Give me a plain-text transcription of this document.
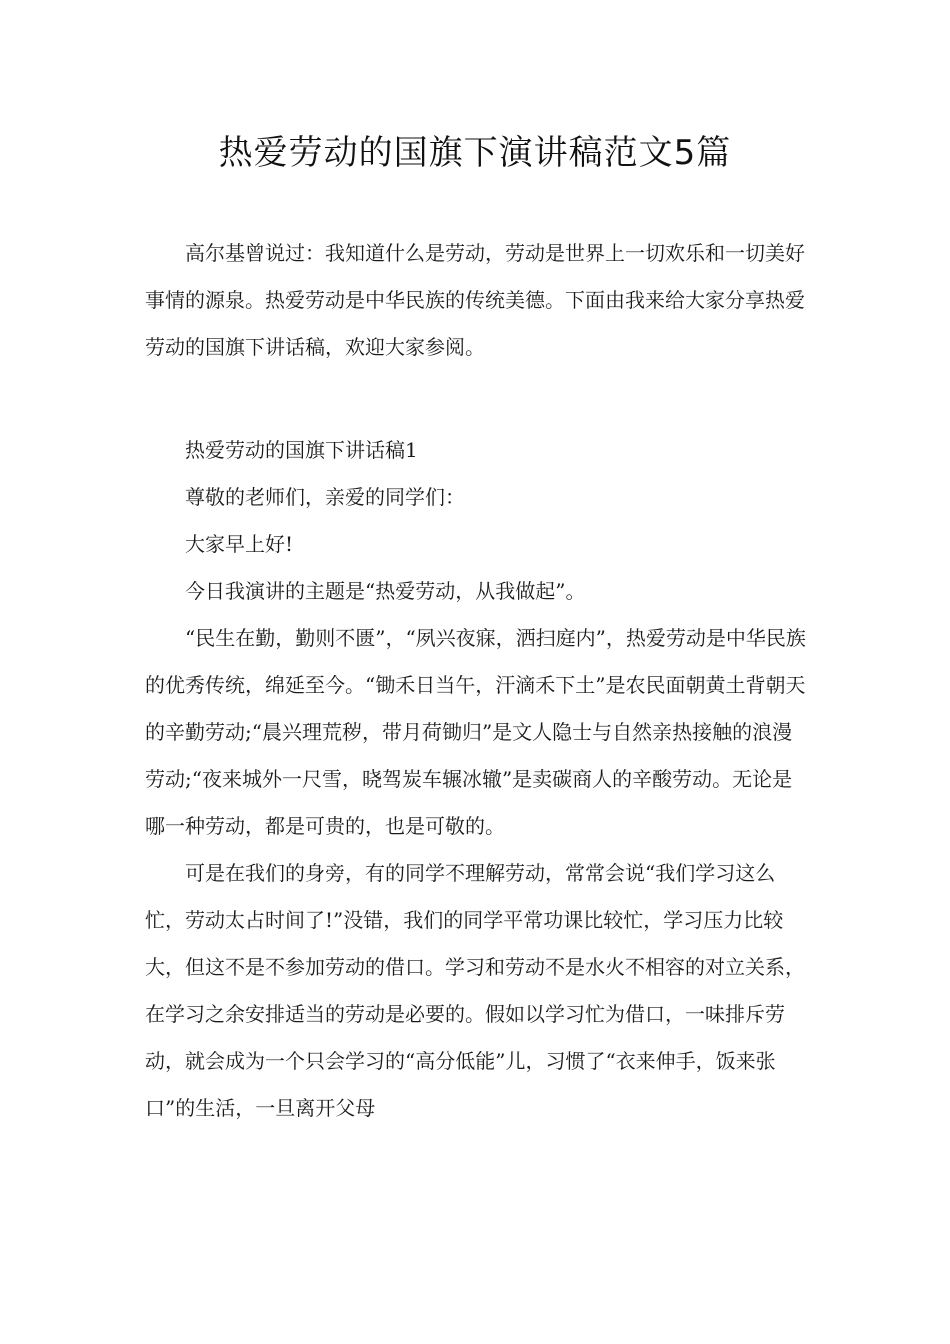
热爱劳动的国旗下演讲稿范文5篇

高尔基曾说过：我知道什么是劳动，劳动是世界上一切欢乐和一切美好事情的源泉。热爱劳动是中华民族的传统美德。下面由我来给大家分享热爱劳动的国旗下讲话稿，欢迎大家参阅。

热爱劳动的国旗下讲话稿1

尊敬的老师们，亲爱的同学们：

大家早上好!

今日我演讲的主题是“热爱劳动，从我做起”。

“民生在勤，勤则不匮”，“夙兴夜寐，洒扫庭内”，热爱劳动是中华民族的优秀传统，绵延至今。“锄禾日当午，汗滴禾下土”是农民面朝黄土背朝天的辛勤劳动;“晨兴理荒秽，带月荷锄归”是文人隐士与自然亲热接触的浪漫劳动;“夜来城外一尺雪，晓驾炭车辗冰辙”是卖碳商人的辛酸劳动。无论是哪一种劳动，都是可贵的，也是可敬的。

可是在我们的身旁，有的同学不理解劳动，常常会说“我们学习这么忙，劳动太占时间了!”没错，我们的同学平常功课比较忙，学习压力比较大，但这不是不参加劳动的借口。学习和劳动不是水火不相容的对立关系，在学习之余安排适当的劳动是必要的。假如以学习忙为借口，一味排斥劳动，就会成为一个只会学习的“高分低能”儿，习惯了“衣来伸手，饭来张口”的生活，一旦离开父母
